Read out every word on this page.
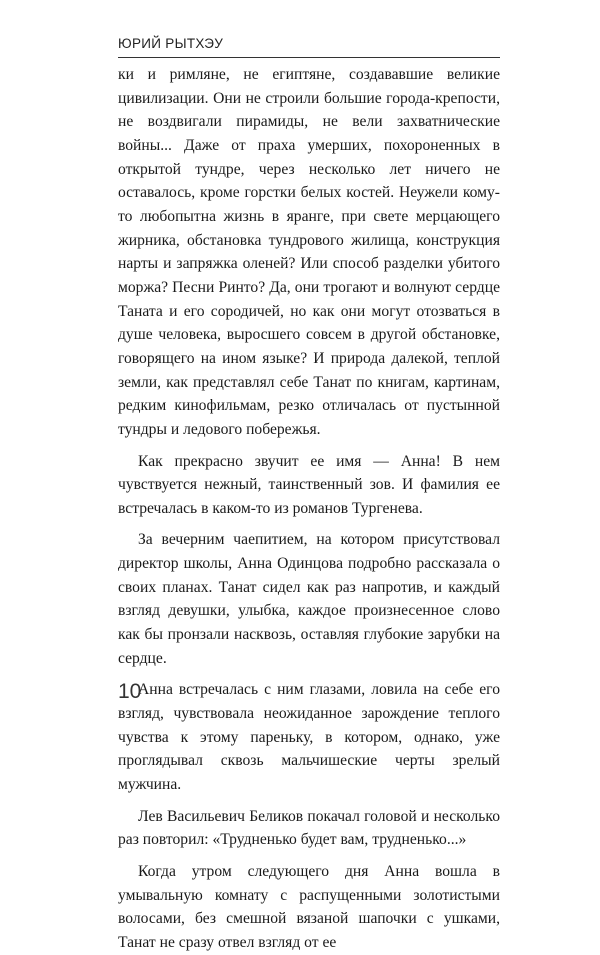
ЮРИЙ РЫТХЭУ

ки и римляне, не египтяне, создававшие великие цивилизации. Они не строили большие города-крепости, не воздвигали пирамиды, не вели захватнические войны... Даже от праха умерших, похороненных в открытой тундре, через несколько лет ничего не оставалось, кроме горстки белых костей. Неужели кому-то любопытна жизнь в яранге, при свете мерцающего жирника, обстановка тундрового жилища, конструкция нарты и запряжка оленей? Или способ разделки убитого моржа? Песни Ринто? Да, они трогают и волнуют сердце Таната и его сородичей, но как они могут отозваться в душе человека, выросшего совсем в другой обстановке, говорящего на ином языке? И природа далекой, теплой земли, как представлял себе Танат по книгам, картинам, редким кинофильмам, резко отличалась от пустынной тундры и ледового побережья.

Как прекрасно звучит ее имя — Анна! В нем чувствуется нежный, таинственный зов. И фамилия ее встречалась в каком-то из романов Тургенева.

За вечерним чаепитием, на котором присутствовал директор школы, Анна Одинцова подробно рассказала о своих планах. Танат сидел как раз напротив, и каждый взгляд девушки, улыбка, каждое произнесенное слово как бы пронзали насквозь, оставляя глубокие зарубки на сердце.

Анна встречалась с ним глазами, ловила на себе его взгляд, чувствовала неожиданное зарождение теплого чувства к этому пареньку, в котором, однако, уже проглядывал сквозь мальчишеские черты зрелый мужчина.

Лев Васильевич Беликов покачал головой и несколько раз повторил: «Трудненько будет вам, трудненько...»

Когда утром следующего дня Анна вошла в умывальную комнату с распущенными золотистыми волосами, без смешной вязаной шапочки с ушками, Танат не сразу отвел взгляд от ее

10
